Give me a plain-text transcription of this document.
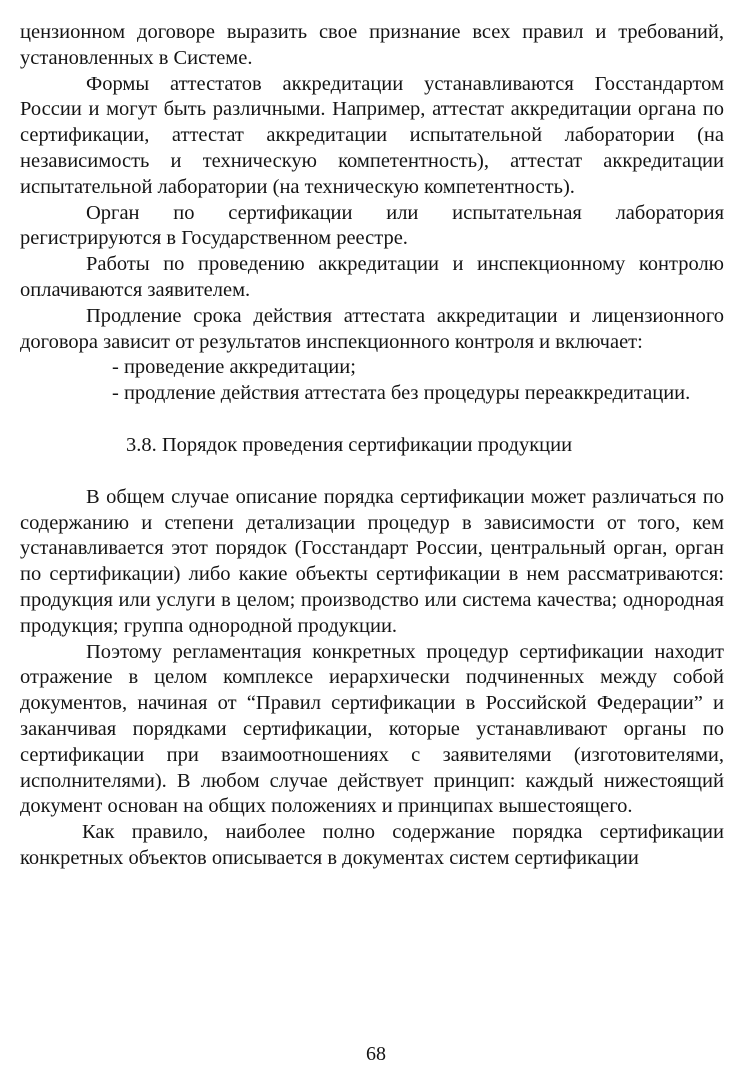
цензионном договоре выразить свое признание всех правил и требований, установленных в Системе.

Формы аттестатов аккредитации устанавливаются Госстандартом России и могут быть различными. Например, аттестат аккредитации органа по сертификации, аттестат аккредитации испытательной лаборатории (на независимость и техническую компетентность), аттестат аккредитации испытательной лаборатории (на техническую компетентность).

Орган по сертификации или испытательная лаборатория регистрируются в Государственном реестре.

Работы по проведению аккредитации и инспекционному контролю оплачиваются заявителем.

Продление срока действия аттестата аккредитации и лицензионного договора зависит от результатов инспекционного контроля и включает:

- проведение аккредитации;

- продление действия аттестата без процедуры переаккредитации.

3.8. Порядок проведения сертификации продукции

В общем случае описание порядка сертификации может различаться по содержанию и степени детализации процедур в зависимости от того, кем устанавливается этот порядок (Госстандарт России, центральный орган, орган по сертификации) либо какие объекты сертификации в нем рассматриваются: продукция или услуги в целом; производство или система качества; однородная продукция; группа однородной продукции.

Поэтому регламентация конкретных процедур сертификации находит отражение в целом комплексе иерархически подчиненных между собой документов, начиная от “Правил сертификации в Российской Федерации” и заканчивая порядками сертификации, которые устанавливают органы по сертификации при взаимоотношениях с заявителями (изготовителями, исполнителями). В любом случае действует принцип: каждый нижестоящий документ основан на общих положениях и принципах вышестоящего.

Как правило, наиболее полно содержание порядка сертификации конкретных объектов описывается в документах систем сертификации

68
